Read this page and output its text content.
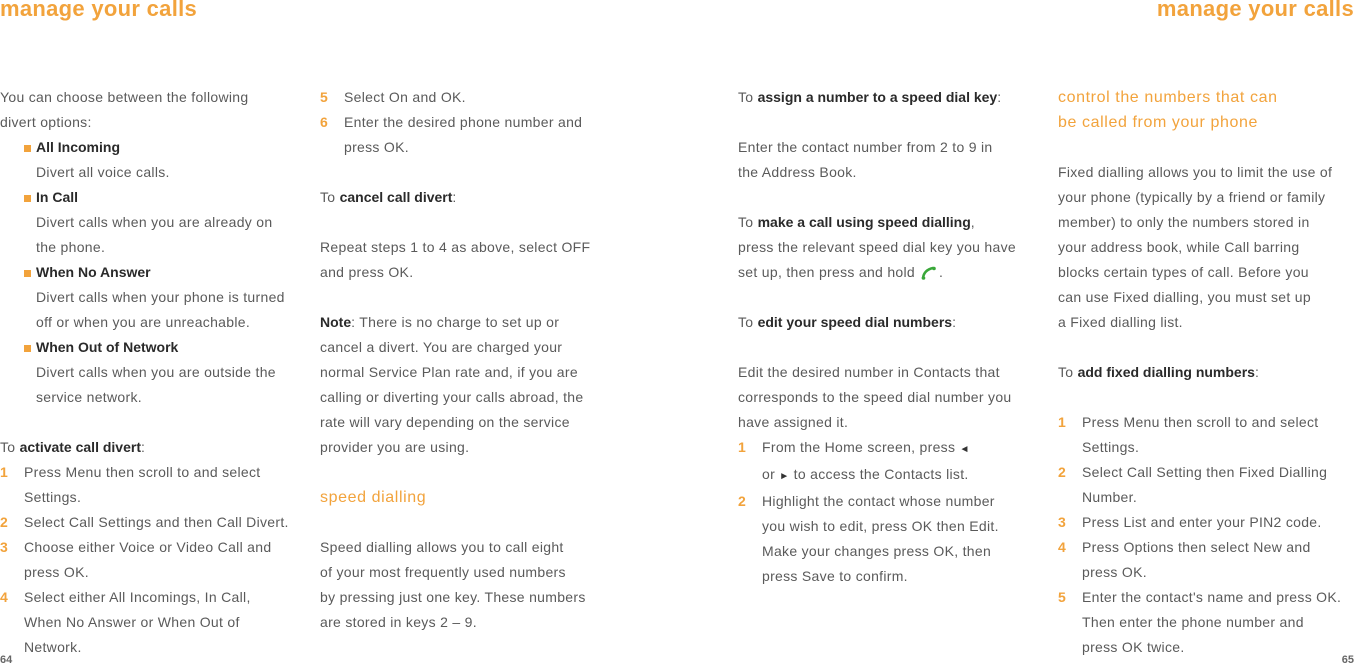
manage your calls	manage your calls

You can choose between the following

divert options:

All Incoming

Divert all voice calls.

In Call

Divert calls when you are already on

the phone.

When No Answer

Divert calls when your phone is turned

off or when you are unreachable.

When Out of Network

Divert calls when you are outside the

service network.

To activate call divert:

1 Press Menu then scroll to and select

Settings.

2 Select Call Settings and then Call Divert.

3 Choose either Voice or Video Call and

press OK.

4 Select either All Incomings, In Call,

When No Answer or When Out of

Network.

5 Select On and OK.

6 Enter the desired phone number and

press OK.

To cancel call divert:

Repeat steps 1 to 4 as above, select OFF

and press OK.

Note: There is no charge to set up or

cancel a divert. You are charged your

normal Service Plan rate and, if you are

calling or diverting your calls abroad, the

rate will vary depending on the service

provider you are using.

speed dialling

Speed dialling allows you to call eight

of your most frequently used numbers

by pressing just one key. These numbers

are stored in keys 2 – 9.

To assign a number to a speed dial key:

Enter the contact number from 2 to 9 in

the Address Book.

To make a call using speed dialling,

press the relevant speed dial key you have

set up, then press and hold .

To edit your speed dial numbers:

Edit the desired number in Contacts that

corresponds to the speed dial number you

have assigned it.

1 From the Home screen, press ◄

or ► to access the Contacts list.

2 Highlight the contact whose number

you wish to edit, press OK then Edit.

Make your changes press OK, then

press Save to confirm.

control the numbers that can

be called from your phone

Fixed dialling allows you to limit the use of

your phone (typically by a friend or family

member) to only the numbers stored in

your address book, while Call barring

blocks certain types of call. Before you

can use Fixed dialling, you must set up

a Fixed dialling list.

To add fixed dialling numbers:

1 Press Menu then scroll to and select

Settings.

2 Select Call Setting then Fixed Dialling

Number.

3 Press List and enter your PIN2 code.

4 Press Options then select New and

press OK.

5 Enter the contact's name and press OK.

Then enter the phone number and

press OK twice.

64	65
